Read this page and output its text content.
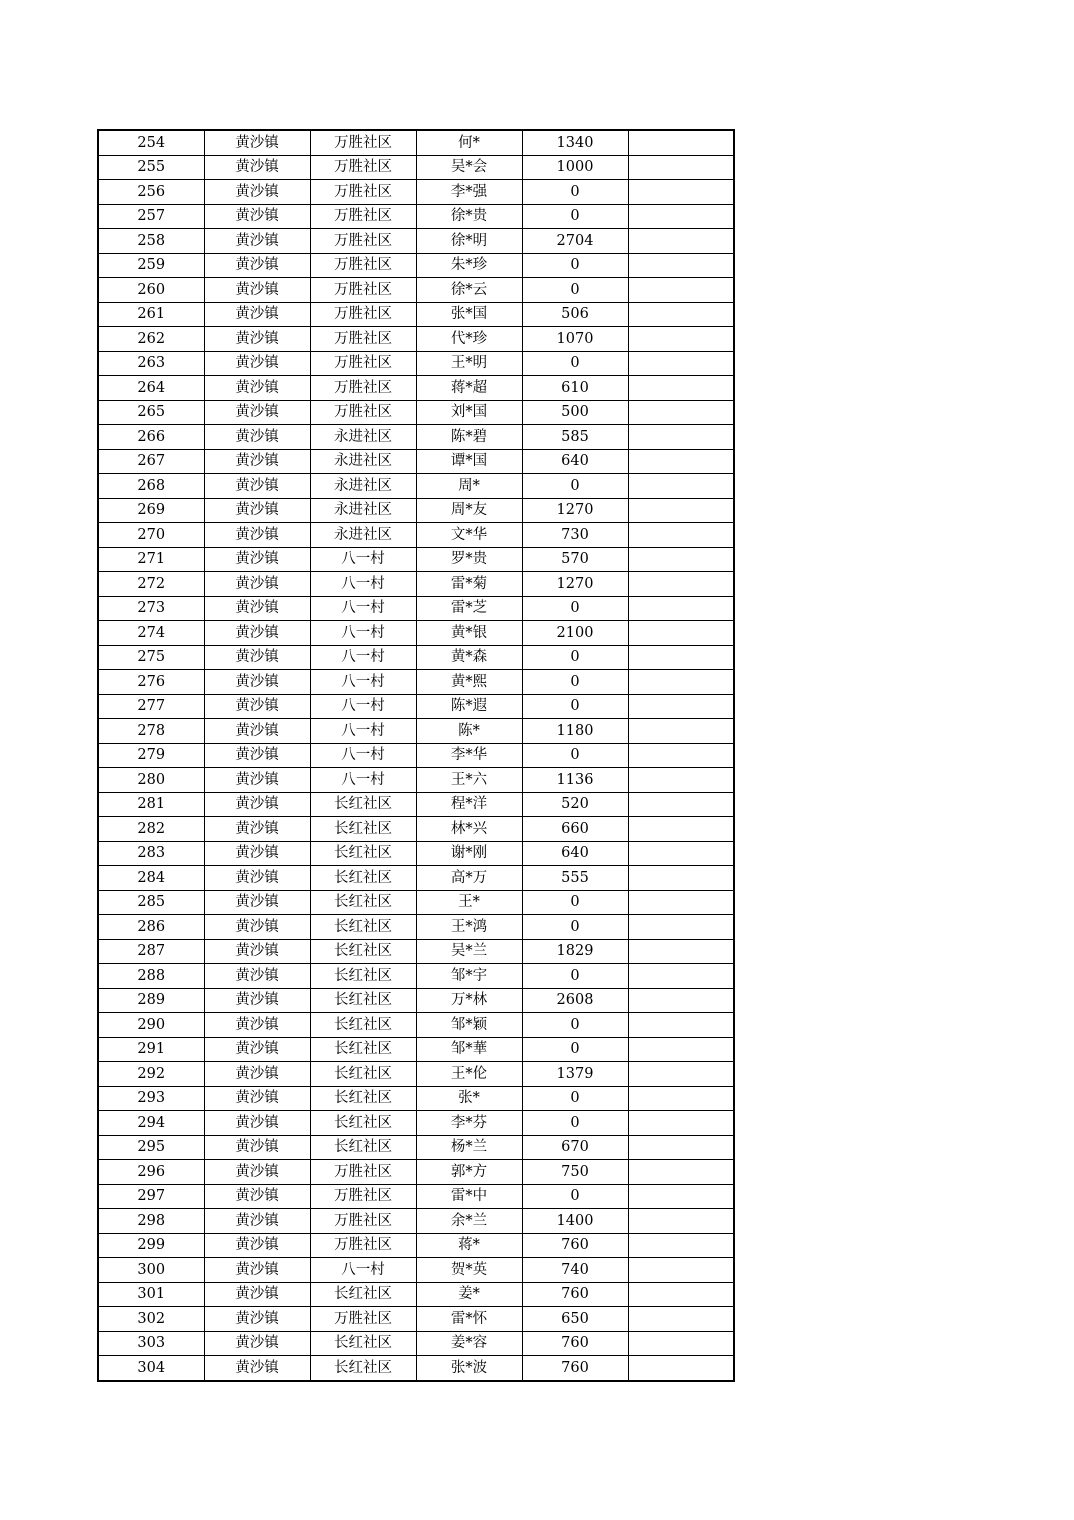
254	黄沙镇	万胜社区	何*	1340	
255	黄沙镇	万胜社区	吴*会	1000	
256	黄沙镇	万胜社区	李*强	0	
257	黄沙镇	万胜社区	徐*贵	0	
258	黄沙镇	万胜社区	徐*明	2704	
259	黄沙镇	万胜社区	朱*珍	0	
260	黄沙镇	万胜社区	徐*云	0	
261	黄沙镇	万胜社区	张*国	506	
262	黄沙镇	万胜社区	代*珍	1070	
263	黄沙镇	万胜社区	王*明	0	
264	黄沙镇	万胜社区	蒋*超	610	
265	黄沙镇	万胜社区	刘*国	500	
266	黄沙镇	永进社区	陈*碧	585	
267	黄沙镇	永进社区	谭*国	640	
268	黄沙镇	永进社区	周*	0	
269	黄沙镇	永进社区	周*友	1270	
270	黄沙镇	永进社区	文*华	730	
271	黄沙镇	八一村	罗*贵	570	
272	黄沙镇	八一村	雷*菊	1270	
273	黄沙镇	八一村	雷*芝	0	
274	黄沙镇	八一村	黄*银	2100	
275	黄沙镇	八一村	黄*森	0	
276	黄沙镇	八一村	黄*熙	0	
277	黄沙镇	八一村	陈*遐	0	
278	黄沙镇	八一村	陈*	1180	
279	黄沙镇	八一村	李*华	0	
280	黄沙镇	八一村	王*六	1136	
281	黄沙镇	长红社区	程*洋	520	
282	黄沙镇	长红社区	林*兴	660	
283	黄沙镇	长红社区	谢*刚	640	
284	黄沙镇	长红社区	高*万	555	
285	黄沙镇	长红社区	王*	0	
286	黄沙镇	长红社区	王*鸿	0	
287	黄沙镇	长红社区	吴*兰	1829	
288	黄沙镇	长红社区	邹*宇	0	
289	黄沙镇	长红社区	万*林	2608	
290	黄沙镇	长红社区	邹*颖	0	
291	黄沙镇	长红社区	邹*華	0	
292	黄沙镇	长红社区	王*伦	1379	
293	黄沙镇	长红社区	张*	0	
294	黄沙镇	长红社区	李*芬	0	
295	黄沙镇	长红社区	杨*兰	670	
296	黄沙镇	万胜社区	郭*方	750	
297	黄沙镇	万胜社区	雷*中	0	
298	黄沙镇	万胜社区	余*兰	1400	
299	黄沙镇	万胜社区	蒋*	760	
300	黄沙镇	八一村	贺*英	740	
301	黄沙镇	长红社区	姜*	760	
302	黄沙镇	万胜社区	雷*怀	650	
303	黄沙镇	长红社区	姜*容	760	
304	黄沙镇	长红社区	张*波	760	
